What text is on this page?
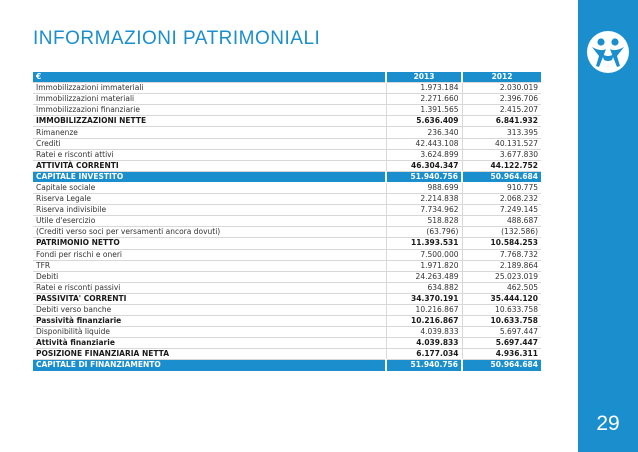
INFORMAZIONI PATRIMONIALI
€	2013	2012
Immobilizzazioni immateriali	1.973.184	2.030.019
Immobilizzazioni materiali	2.271.660	2.396.706
Immobilizzazioni finanziarie	1.391.565	2.415.207
IMMOBILIZZAZIONI NETTE	5.636.409	6.841.932
Rimanenze	236.340	313.395
Crediti	42.443.108	40.131.527
Ratei e risconti attivi	3.624.899	3.677.830
ATTIVITÀ CORRENTI	46.304.347	44.122.752
CAPITALE INVESTITO	51.940.756	50.964.684
Capitale sociale	988.699	910.775
Riserva Legale	2.214.838	2.068.232
Riserva indivisibile	7.734.962	7.249.145
Utile d'esercizio	518.828	488.687
(Crediti verso soci per versamenti ancora dovuti)	(63.796)	(132.586)
PATRIMONIO NETTO	11.393.531	10.584.253
Fondi per rischi e oneri	7.500.000	7.768.732
TFR	1.971.820	2.189.864
Debiti	24.263.489	25.023.019
Ratei e risconti passivi	634.882	462.505
PASSIVITA' CORRENTI	34.370.191	35.444.120
Debiti verso banche	10.216.867	10.633.758
Passività finanziarie	10.216.867	10.633.758
Disponibilità liquide	4.039.833	5.697.447
Attività finanziarie	4.039.833	5.697.447
POSIZIONE FINANZIARIA NETTA	6.177.034	4.936.311
CAPITALE DI FINANZIAMENTO	51.940.756	50.964.684
29
